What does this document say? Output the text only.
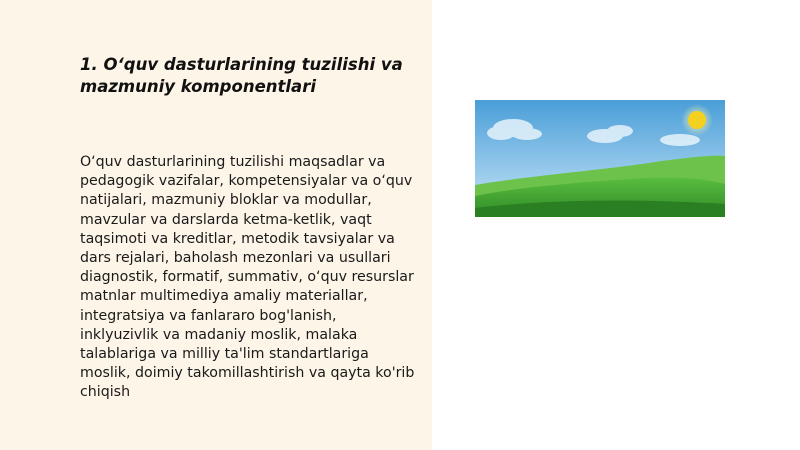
1. O‘quv dasturlarining tuzilishi va mazmuniy komponentlari

O‘quv dasturlarining tuzilishi maqsadlar va pedagogik vazifalar, kompetensiyalar va o‘quv natijalari, mazmuniy bloklar va modullar, mavzular va darslarda ketma-ketlik, vaqt taqsimoti va kreditlar, metodik tavsiyalar va dars rejalari, baholash mezonlari va usullari diagnostik, formatif, summativ, o‘quv resurslar matnlar multimediya amaliy materiallar, integratsiya va fanlararo bog'lanish, inklyuzivlik va madaniy moslik, malaka talablariga va milliy ta'lim standartlariga moslik, doimiy takomillashtirish va qayta ko'rib chiqish
